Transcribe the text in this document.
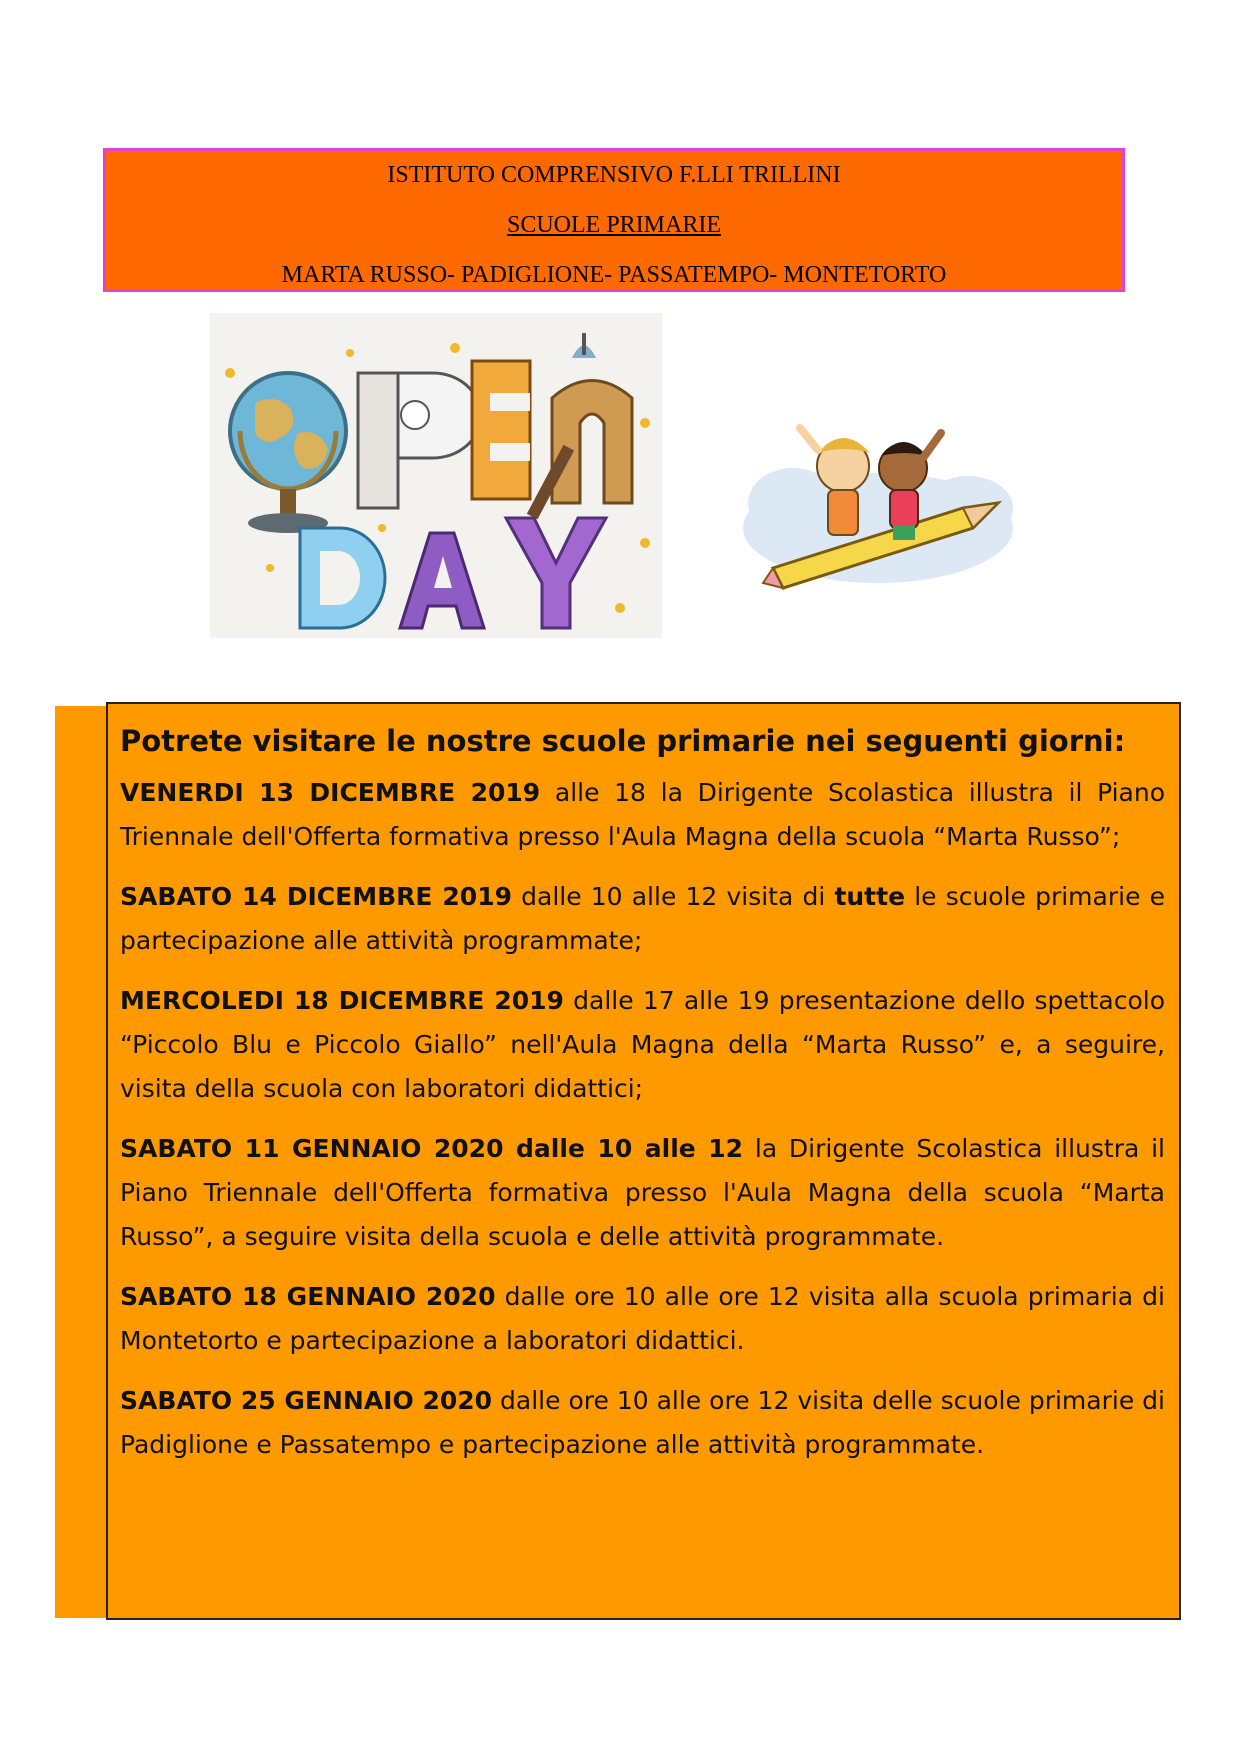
ISTITUTO COMPRENSIVO F.LLI TRILLINI
SCUOLE PRIMARIE
MARTA RUSSO- PADIGLIONE- PASSATEMPO- MONTETORTO
Potrete visitare le nostre scuole primarie nei seguenti giorni:
VENERDI 13 DICEMBRE 2019 alle 18 la Dirigente Scolastica illustra il Piano Triennale dell'Offerta formativa presso l'Aula Magna della scuola “Marta Russo”;
SABATO 14 DICEMBRE 2019 dalle 10 alle 12 visita di tutte le scuole primarie e partecipazione alle attività programmate;
MERCOLEDI 18 DICEMBRE 2019 dalle 17 alle 19 presentazione dello spettacolo “Piccolo Blu e Piccolo Giallo” nell'Aula Magna della “Marta Russo” e, a seguire, visita della scuola con laboratori didattici;
SABATO 11 GENNAIO 2020 dalle 10 alle 12 la Dirigente Scolastica illustra il Piano Triennale dell'Offerta formativa presso l'Aula Magna della scuola “Marta Russo”, a seguire visita della scuola e delle attività programmate.
SABATO 18 GENNAIO 2020 dalle ore 10 alle ore 12 visita alla scuola primaria di Montetorto e partecipazione a laboratori didattici.
SABATO 25 GENNAIO 2020 dalle ore 10 alle ore 12 visita delle scuole primarie di Padiglione e Passatempo e partecipazione alle attività programmate.
